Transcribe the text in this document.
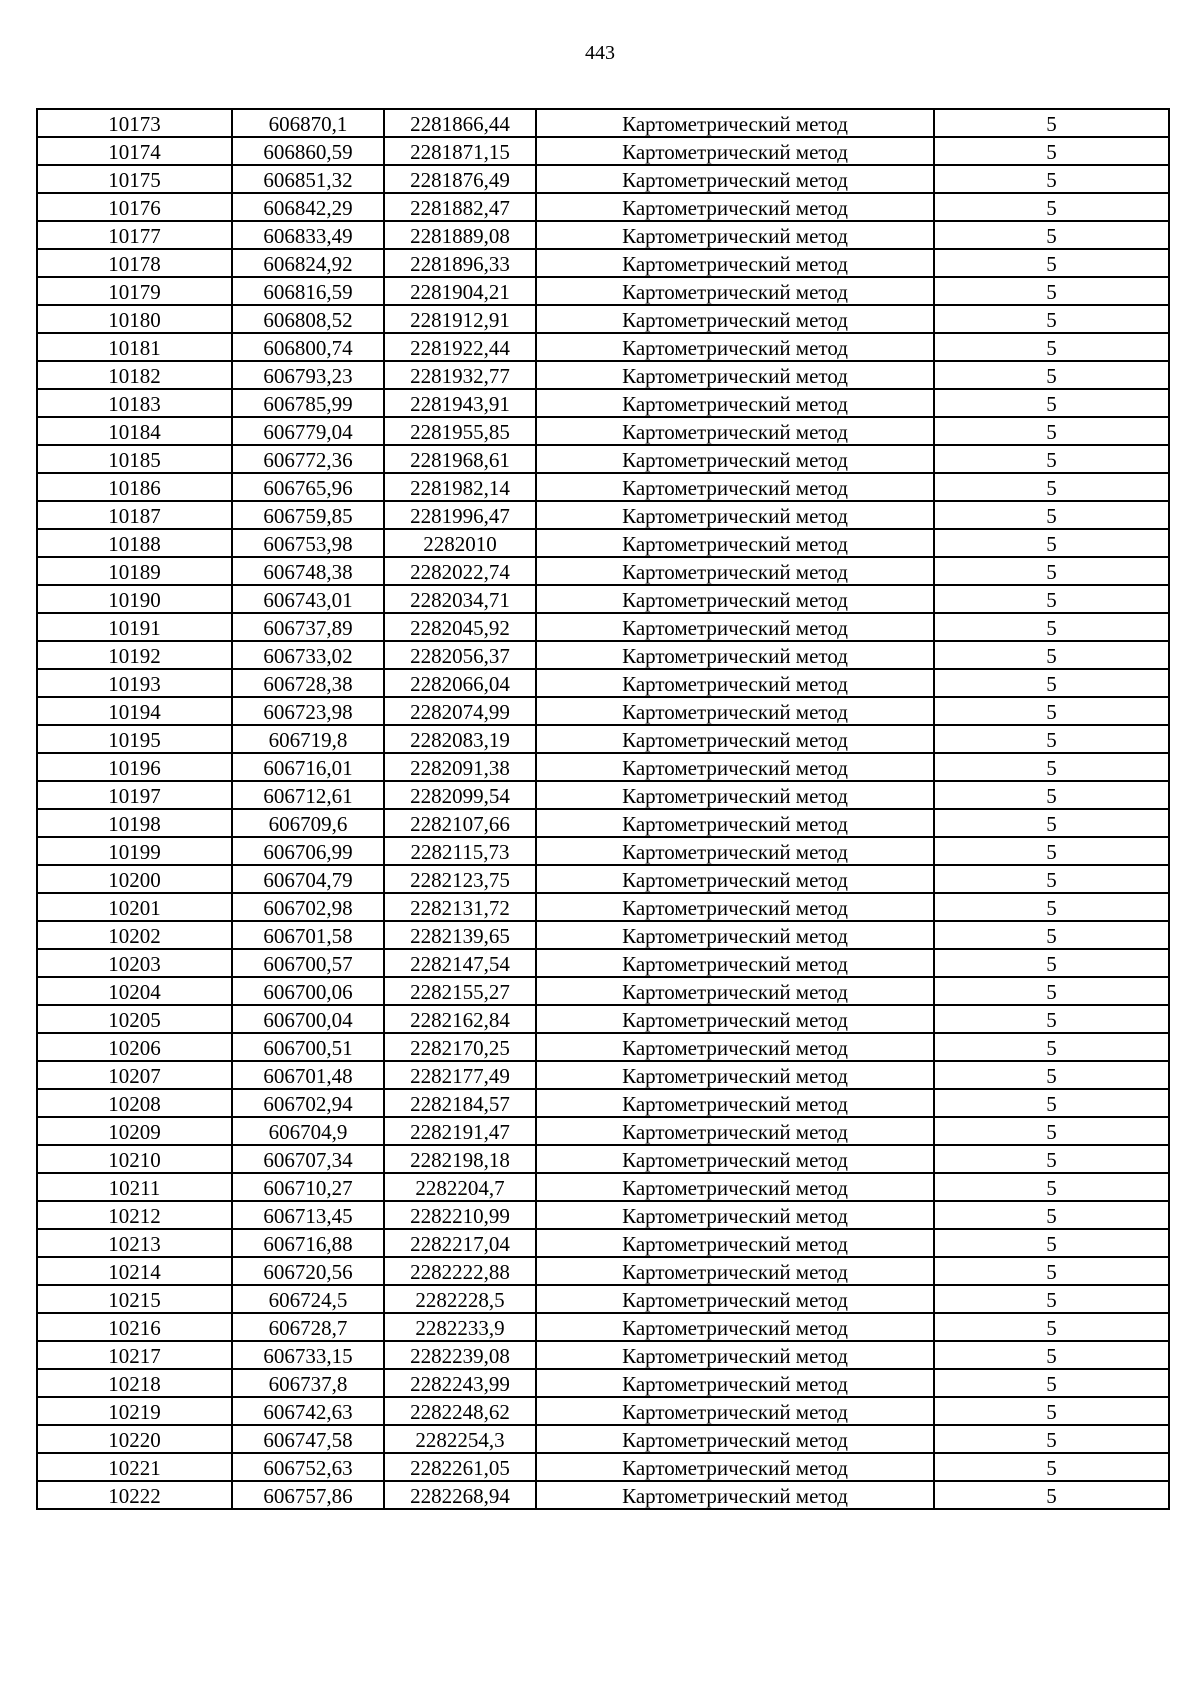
443
10173	606870,1	2281866,44	Картометрический метод	5
10174	606860,59	2281871,15	Картометрический метод	5
10175	606851,32	2281876,49	Картометрический метод	5
10176	606842,29	2281882,47	Картометрический метод	5
10177	606833,49	2281889,08	Картометрический метод	5
10178	606824,92	2281896,33	Картометрический метод	5
10179	606816,59	2281904,21	Картометрический метод	5
10180	606808,52	2281912,91	Картометрический метод	5
10181	606800,74	2281922,44	Картометрический метод	5
10182	606793,23	2281932,77	Картометрический метод	5
10183	606785,99	2281943,91	Картометрический метод	5
10184	606779,04	2281955,85	Картометрический метод	5
10185	606772,36	2281968,61	Картометрический метод	5
10186	606765,96	2281982,14	Картометрический метод	5
10187	606759,85	2281996,47	Картометрический метод	5
10188	606753,98	2282010	Картометрический метод	5
10189	606748,38	2282022,74	Картометрический метод	5
10190	606743,01	2282034,71	Картометрический метод	5
10191	606737,89	2282045,92	Картометрический метод	5
10192	606733,02	2282056,37	Картометрический метод	5
10193	606728,38	2282066,04	Картометрический метод	5
10194	606723,98	2282074,99	Картометрический метод	5
10195	606719,8	2282083,19	Картометрический метод	5
10196	606716,01	2282091,38	Картометрический метод	5
10197	606712,61	2282099,54	Картометрический метод	5
10198	606709,6	2282107,66	Картометрический метод	5
10199	606706,99	2282115,73	Картометрический метод	5
10200	606704,79	2282123,75	Картометрический метод	5
10201	606702,98	2282131,72	Картометрический метод	5
10202	606701,58	2282139,65	Картометрический метод	5
10203	606700,57	2282147,54	Картометрический метод	5
10204	606700,06	2282155,27	Картометрический метод	5
10205	606700,04	2282162,84	Картометрический метод	5
10206	606700,51	2282170,25	Картометрический метод	5
10207	606701,48	2282177,49	Картометрический метод	5
10208	606702,94	2282184,57	Картометрический метод	5
10209	606704,9	2282191,47	Картометрический метод	5
10210	606707,34	2282198,18	Картометрический метод	5
10211	606710,27	2282204,7	Картометрический метод	5
10212	606713,45	2282210,99	Картометрический метод	5
10213	606716,88	2282217,04	Картометрический метод	5
10214	606720,56	2282222,88	Картометрический метод	5
10215	606724,5	2282228,5	Картометрический метод	5
10216	606728,7	2282233,9	Картометрический метод	5
10217	606733,15	2282239,08	Картометрический метод	5
10218	606737,8	2282243,99	Картометрический метод	5
10219	606742,63	2282248,62	Картометрический метод	5
10220	606747,58	2282254,3	Картометрический метод	5
10221	606752,63	2282261,05	Картометрический метод	5
10222	606757,86	2282268,94	Картометрический метод	5
